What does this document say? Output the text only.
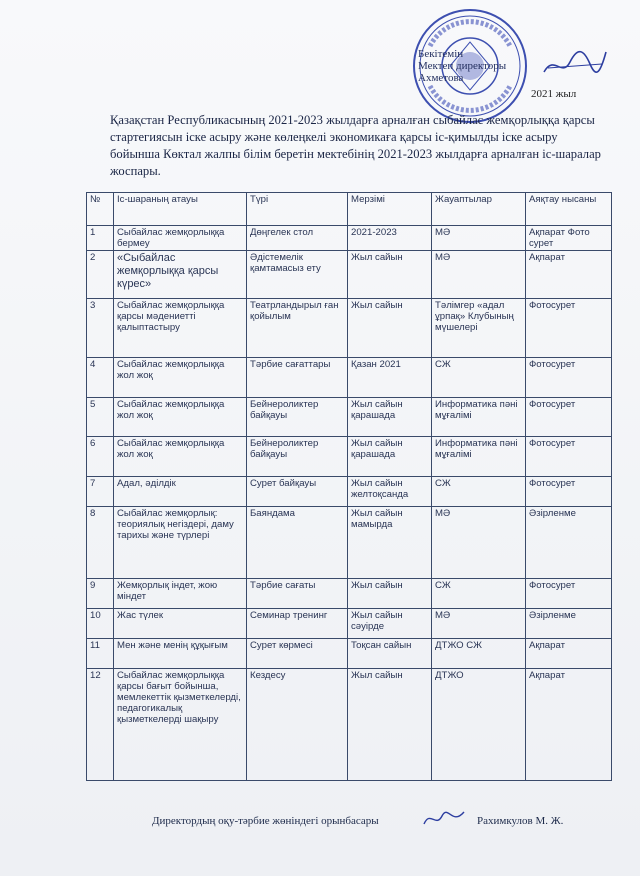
Бекітемін
Мектеп директоры
Ахметова
2021 жыл
Қазақстан Республикасының 2021-2023 жылдарға арналған сыбайлас жемқорлыққа қарсы стартегиясын іске асыру және көлеңкелі экономикаға қарсы іс-қимылды іске асыру бойынша Көктал жалпы білім беретін мектебінің 2021-2023 жылдарға арналған іс-шаралар жоспары.
№	Іс-шараның атауы	Түрі	Мерзімі	Жауаптылар	Аяқтау нысаны
1	Сыбайлас жемқорлыққа бермеу	Дөңгелек стол	2021-2023	МӘ	Ақпарат Фото сурет
2	«Сыбайлас жемқорлыққа қарсы күрес»	Әдістемелік қамтамасыз ету	Жыл сайын	МӘ	Ақпарат
3	Сыбайлас жемқорлыққа қарсы мәдениетті қалыптастыру	Театрландырыл ған қойылым	Жыл сайын	Тәлімгер «адал ұрпақ» Клубының мүшелері	Фотосурет
4	Сыбайлас жемқорлыққа жол жоқ	Тәрбие сағаттары	Қазан 2021	СЖ	Фотосурет
5	Сыбайлас жемқорлыққа жол жоқ	Бейнероликтер байқауы	Жыл сайын қарашада	Информатика пәні мұғалімі	Фотосурет
6	Сыбайлас жемқорлыққа жол жоқ	Бейнероликтер байқауы	Жыл сайын қарашада	Информатика пәні мұғалімі	Фотосурет
7	Адал, әділдік	Сурет байқауы	Жыл сайын желтоқсанда	СЖ	Фотосурет
8	Сыбайлас жемқорлық: теориялық негіздері, даму тарихы және түрлері	Баяндама	Жыл сайын мамырда	МӘ	Әзірленме
9	Жемқорлық індет, жою міндет	Тәрбие сағаты	Жыл сайын	СЖ	Фотосурет
10	Жас түлек	Семинар тренинг	Жыл сайын сәуірде	МӘ	Әзірленме
11	Мен және менің құқығым	Сурет көрмесі	Тоқсан сайын	ДТЖО СЖ	Ақпарат
12	Сыбайлас жемқорлыққа қарсы бағыт бойынша, мемлекеттік қызметкелерді, педагогикалық қызметкелерді шақыру	Кездесу	Жыл сайын	ДТЖО	Ақпарат
Директордың оқу-тәрбие жөніндегі орынбасары	Рахимкулов М. Ж.
